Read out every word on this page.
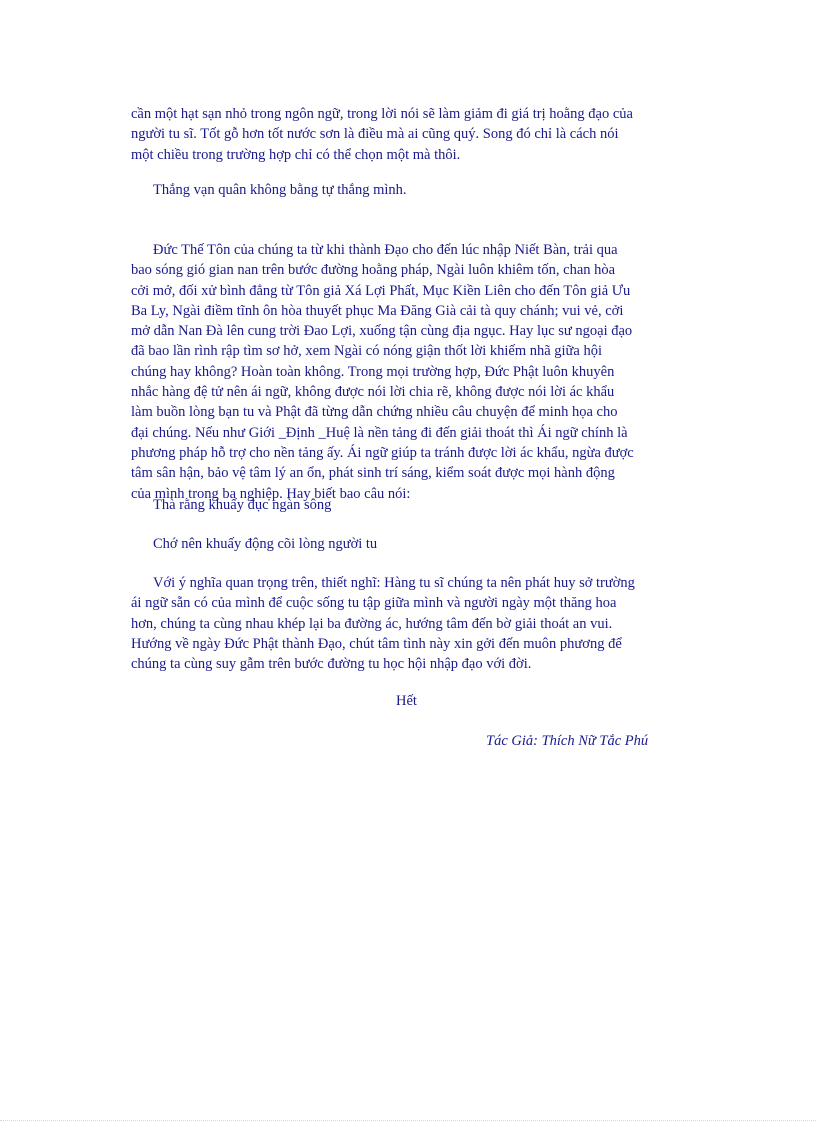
cần một hạt sạn nhỏ trong ngôn ngữ, trong lời nói sẽ làm giảm đi giá trị hoằng đạo của
người tu sĩ. Tốt gỗ hơn tốt nước sơn là điều mà ai cũng quý. Song đó chỉ là cách nói
một chiều trong trường hợp chỉ có thể chọn một mà thôi.
Thắng vạn quân không bằng tự thắng mình.
Đức Thế Tôn của chúng ta từ khi thành Đạo cho đến lúc nhập Niết Bàn, trải qua
bao sóng gió gian nan trên bước đường hoằng pháp, Ngài luôn khiêm tốn, chan hòa
cởi mở, đối xử bình đẳng từ Tôn giả Xá Lợi Phất, Mục Kiền Liên cho đến Tôn giả Ưu
Ba Ly, Ngài điềm tĩnh ôn hòa thuyết phục Ma Đăng Già cải tà quy chánh; vui vẻ, cởi
mở dẫn Nan Đà lên cung trời Đao Lợi, xuống tận cùng địa ngục. Hay lục sư ngoại đạo
đã bao lần rình rập tìm sơ hở, xem Ngài có nóng giận thốt lời khiếm nhã giữa hội
chúng hay không? Hoàn toàn không. Trong mọi trường hợp, Đức Phật luôn khuyên
nhắc hàng đệ tử nên ái ngữ, không được nói lời chia rẽ, không được nói lời ác khẩu
làm buồn lòng bạn tu và Phật đã từng dẫn chứng nhiều câu chuyện để minh họa cho
đại chúng. Nếu như Giới _Định _Huệ là nền tảng đi đến giải thoát thì Ái ngữ chính là
phương pháp hỗ trợ cho nền tảng ấy. Ái ngữ giúp ta tránh được lời ác khẩu, ngừa được
tâm sân hận, bảo vệ tâm lý an ổn, phát sinh trí sáng, kiểm soát được mọi hành động
của mình trong ba nghiệp. Hay biết bao câu nói:
Thà rằng khuấy đục ngàn sông
Chớ nên khuấy động cõi lòng người tu
Với ý nghĩa quan trọng trên, thiết nghĩ: Hàng tu sĩ chúng ta nên phát huy sở trường
ái ngữ sẵn có của mình để cuộc sống tu tập giữa mình và người ngày một thăng hoa
hơn, chúng ta cùng nhau khép lại ba đường ác, hướng tâm đến bờ giải thoát an vui.
Hướng về ngày Đức Phật thành Đạo, chút tâm tình này xin gởi đến muôn phương để
chúng ta cùng suy gẫm trên bước đường tu học hội nhập đạo với đời.
Hết
Tác Giả: Thích Nữ Tắc Phú
